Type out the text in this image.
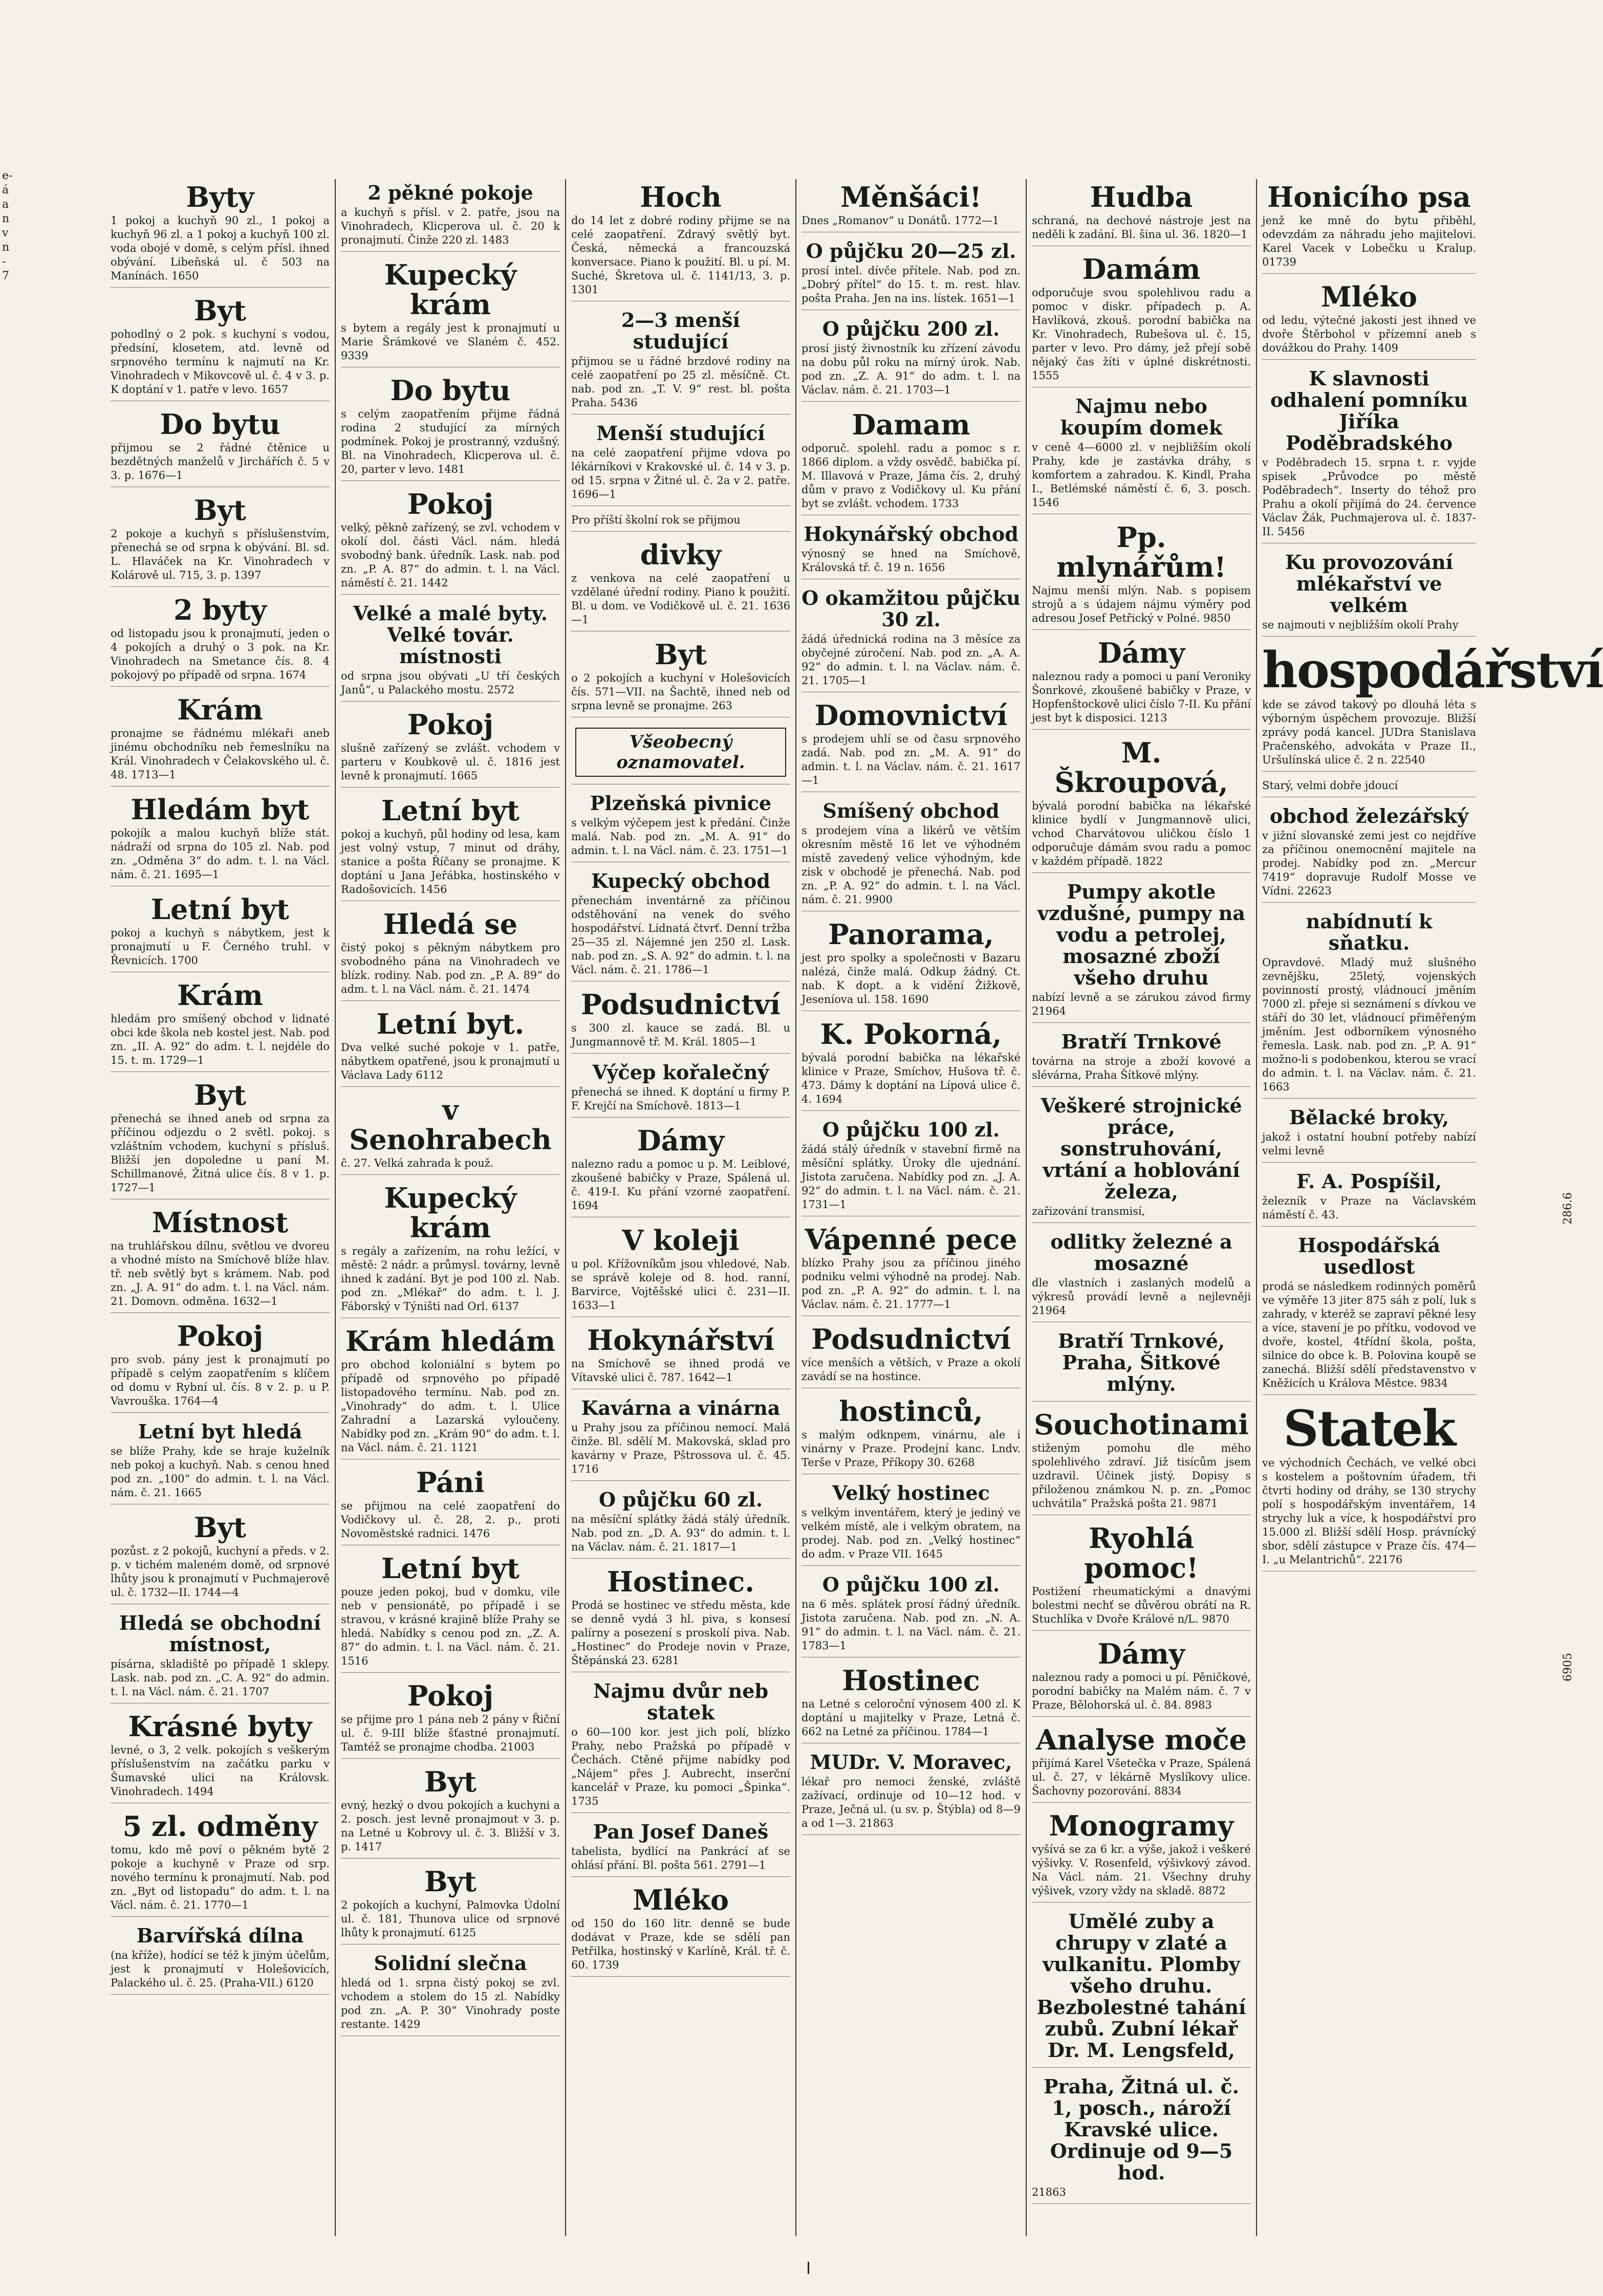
e-
á
a
n
v
n
-
7
Byty
1 pokoj a kuchyň 90 zl., 1 pokoj a kuchyň 96 zl. a 1 pokoj a kuchyň 100 zl. voda obojé v domě, s celým přísl. ihned obývání. Libeňská ul. č 503 na Manínách. 1650
Byt
pohodlný o 2 pok. s kuchyní s vodou, předsíní, klosetem, atd. levně od srpnového termínu k najmutí na Kr. Vinohradech v Mikovcově ul. č. 4 v 3. p. K doptání v 1. patře v levo. 1657
Do bytu
přijmou se 2 řádné čtěnice u bezdětných manželů v Jirchářích č. 5 v 3. p. 1676—1
Byt
2 pokoje a kuchyň s příslušenstvím, přenechá se od srpna k obývání. Bl. sd. L. Hlaváček na Kr. Vinohradech v Kolárově ul. 715, 3. p. 1397
2 byty
od listopadu jsou k pronajmutí, jeden o 4 pokojích a druhý o 3 pok. na Kr. Vinohradech na Smetance čís. 8. 4 pokojový po případě od srpna. 1674
Krám
pronajme se řádnému mlékaři aneb jinému obchodníku neb řemeslníku na Král. Vinohradech v Čelakovského ul. č. 48. 1713—1
Hledám byt
pokojík a malou kuchyň blíže stát. nádraží od srpna do 105 zl. Nab. pod zn. „Odměna 3“ do adm. t. l. na Václ. nám. č. 21. 1695—1
Letní byt
pokoj a kuchyň s nábytkem, jest k pronajmutí u F. Černého truhl. v Řevnicích. 1700
Krám
hledám pro smíšený obchod v lidnaté obci kde škola neb kostel jest. Nab. pod zn. „II. A. 92“ do adm. t. l. nejdéle do 15. t. m. 1729—1
Byt
přenechá se ihned aneb od srpna za příčinou odjezdu o 2 světl. pokoj. s vzláštním vchodem, kuchyní s přísluš. Bližší jen dopoledne u paní M. Schillmanové, Žitná ulice čís. 8 v 1. p. 1727—1
Místnost
na truhlářskou dílnu, světlou ve dvoreu a vhodné místo na Smíchově blíže hlav. tř. neb světlý byt s krámem. Nab. pod zn. „J. A. 91“ do adm. t. l. na Václ. nám. 21. Domovn. odměna. 1632—1
Pokoj
pro svob. pány jest k pronajmutí po případě s celým zaopatřením s klíčem od domu v Rybní ul. čís. 8 v 2. p. u P. Vavrouška. 1764—4
Letní byt hledá
se blíže Prahy, kde se hraje kuželník neb pokoj a kuchyň. Nab. s cenou hned pod zn. „100“ do admin. t. l. na Václ. nám. č. 21. 1665
Byt
pozůst. z 2 pokojů, kuchyní a předs. v 2. p. v tichém maleném domě, od srpnové lhůty jsou k pronajmutí v Puchmajerově ul. č. 1732—II. 1744—4
Hledá se obchodní místnost,
písárna, skladiště po případě 1 sklepy. Lask. nab. pod zn. „C. A. 92“ do admin. t. l. na Václ. nám. č. 21. 1707
Krásné byty
levné, o 3, 2 velk. pokojích s veškerým příslušenstvím na začátku parku v Šumavské ulici na Královsk. Vinohradech. 1494
5 zl. odměny
tomu, kdo mě poví o pěkném bytě 2 pokoje a kuchyně v Praze od srp. nového termínu k pronajmutí. Nab. pod zn. „Byt od listopadu“ do adm. t. l. na Václ. nám. č. 21. 1770—1
Barvířská dílna
(na kříže), hodící se též k jiným účelům, jest k pronajmutí v Holešovicích, Palackého ul. č. 25. (Praha-VII.) 6120
2 pěkné pokoje
a kuchyň s přísl. v 2. patře, jsou na Vinohradech, Klicperova ul. č. 20 k pronajmutí. Činže 220 zl. 1483
Kupecký krám
s bytem a regály jest k pronajmutí u Marie Šrámkové ve Slaném č. 452. 9339
Do bytu
s celým zaopatřením přijme řádná rodina 2 studující za mírných podmínek. Pokoj je prostranný, vzdušný. Bl. na Vinohradech, Klicperova ul. č. 20, parter v levo. 1481
Pokoj
velký, pěkně zařízený, se zvl. vchodem v okolí dol. části Václ. nám. hledá svobodný bank. úředník. Lask. nab. pod zn. „P. A. 87“ do admin. t. l. na Václ. náměstí č. 21. 1442
Velké a malé byty. Velké továr. místnosti
od srpna jsou obývati „U tří českých Janů“, u Palackého mostu. 2572
Pokoj
slušně zařízený se zvlášt. vchodem v parteru v Koubkově ul. č. 1816 jest levně k pronajmutí. 1665
Letní byt
pokoj a kuchyň, půl hodiny od lesa, kam jest volný vstup, 7 minut od dráhy, stanice a pošta Říčany se pronajme. K doptání u Jana Jeřábka, hostinského v Radošovicích. 1456
Hledá se
čistý pokoj s pěkným nábytkem pro svobodného pána na Vinohradech ve blízk. rodiny. Nab. pod zn. „P. A. 89“ do adm. t. l. na Václ. nám. č. 21. 1474
Letní byt.
Dva velké suché pokoje v 1. patře, nábytkem opatřené, jsou k pronajmutí u Václava Lady 6112
v Senohrabech
č. 27. Velká zahrada k použ.
Kupecký krám
s regály a zařízením, na rohu ležící, v městě: 2 nádr. a průmysl. továrny, levně ihned k zadání. Byt je pod 100 zl. Nab. pod zn. „Mlékař“ do adm. t. l. J. Fáborský v Týništi nad Orl. 6137
Krám hledám
pro obchod koloniální s bytem po případě od srpnového po případě listopadového termínu. Nab. pod zn. „Vinohrady“ do adm. t. l. Ulice Zahradní a Lazarská vyloučeny. Nabídky pod zn. „Krám 90“ do adm. t. l. na Václ. nám. č. 21. 1121
Páni
se přijmou na celé zaopatření do Vodičkovy ul. č. 28, 2. p., proti Novoměstské radnici. 1476
Letní byt
pouze jeden pokoj, bud v domku, vile neb v pensionátě, po případě i se stravou, v krásné krajině blíže Prahy se hledá. Nabídky s cenou pod zn. „Z. A. 87“ do admin. t. l. na Václ. nám. č. 21. 1516
Pokoj
se přijme pro 1 pána neb 2 pány v Řiční ul. č. 9-III blíže šťastné pronajmutí. Tamtéž se pronajme chodba. 21003
Byt
evný, hezký o dvou pokojích a kuchyni a 2. posch. jest levně pronajmout v 3. p. na Letné u Kobrovy ul. č. 3. Bližší v 3. p. 1417
Byt
2 pokojích a kuchyní, Palmovka Údolní ul. č. 181, Thunova ulice od srpnové lhůty k pronajmutí. 6125
Solidní slečna
hledá od 1. srpna čistý pokoj se zvl. vchodem a stolem do 15 zl. Nabídky pod zn. „A. P. 30“ Vinohrady poste restante. 1429
Hoch
do 14 let z dobré rodiny přijme se na celé zaopatření. Zdravý světlý byt. Česká, německá a francouzská konversace. Piano k použití. Bl. u pí. M. Suché, Škretova ul. č. 1141/13, 3. p. 1301
2—3 menší studující
přijmou se u řádné brzdové rodiny na celé zaopatření po 25 zl. měsíčně. Ct. nab. pod zn. „T. V. 9“ rest. bl. pošta Praha. 5436
Menší studující
na celé zaopatření přijme vdova po lékárníkovi v Krakovské ul. č. 14 v 3. p. od 15. srpna v Žitné ul. č. 2a v 2. patře. 1696—1
Pro příští školní rok se přijmou
divky
z venkova na celé zaopatření u vzdělané úřední rodiny. Piano k použití. Bl. u dom. ve Vodičkově ul. č. 21. 1636—1
Byt
o 2 pokojích a kuchyní v Holešovicích čís. 571—VII. na Šachtě, ihned neb od srpna levně se pronajme. 263
Všeobecný
oznamovatel.
Plzeňská pivnice
s velkým výčepem jest k předání. Činže malá. Nab. pod zn. „M. A. 91“ do admin. t. l. na Václ. nám. č. 23. 1751—1
Kupecký obchod
přenechám inventárně za příčinou odstěhování na venek do svého hospodářství. Lidnatá čtvrť. Denní tržba 25—35 zl. Nájemné jen 250 zl. Lask. nab. pod zn. „S. A. 92“ do admin. t. l. na Václ. nám. č. 21. 1786—1
Podsudnictví
s 300 zl. kauce se zadá. Bl. u Jungmannově tř. M. Král. 1805—1
Výčep kořalečný
přenechá se ihned. K doptání u firmy P. F. Krejčí na Smíchově. 1813—1
Dámy
nalezno radu a pomoc u p. M. Leiblové, zkoušené babičky v Praze, Spálená ul. č. 419-I. Ku přání vzorné zaopatření. 1694
V koleji
u pol. Křížovníkům jsou vhledové, Nab. se správě koleje od 8. hod. ranní, Barvirce, Vojtěšské ulici č. 231—II. 1633—1
Hokynářství
na Smíchově se ihned prodá ve Vítavské ulici č. 787. 1642—1
Kavárna a vinárna
u Prahy jsou za příčinou nemocí. Malá činže. Bl. sdělí M. Makovská, sklad pro kavárny v Praze, Pštrossova ul. č. 45. 1716
O půjčku 60 zl.
na měsíční splátky žádá stálý úředník. Nab. pod zn. „D. A. 93“ do admin. t. l. na Václav. nám. č. 21. 1817—1
Hostinec.
Prodá se hostinec ve středu města, kde se denně vydá 3 hl. piva, s konsesí palírny a posezení s proskolí piva. Nab. „Hostinec“ do Prodeje novin v Praze, Štěpánská 23. 6281
Najmu dvůr neb statek
o 60—100 kor. jest jich polí, blízko Prahy, nebo Pražská po případě v Čechách. Ctěné přijme nabídky pod „Nájem“ přes J. Aubrecht, inserční kancelář v Praze, ku pomoci „Špinka“. 1735
Pan Josef Daneš
tabelista, bydlící na Pankrácí ať se ohlásí přání. Bl. pošta 561. 2791—1
Mléko
od 150 do 160 litr. denně se bude dodávat v Praze, kde se sdělí pan Petřilka, hostinský v Karlíně, Král. tř. č. 60. 1739
Měnšáci!
Dnes „Romanov“ u Donátů. 1772—1
O půjčku 20—25 zl.
prosí intel. dívče přítele. Nab. pod zn. „Dobrý přítel“ do 15. t. m. rest. hlav. pošta Praha. Jen na ins. lístek. 1651—1
O půjčku 200 zl.
prosí jistý živnostník ku zřízení závodu na dobu půl roku na mírný úrok. Nab. pod zn. „Z. A. 91“ do adm. t. l. na Václav. nám. č. 21. 1703—1
Damam
odporuč. spolehl. radu a pomoc s r. 1866 diplom. a vždy osvědč. babička pí. M. Illavová v Praze, Jáma čís. 2, druhý dům v pravo z Vodičkovy ul. Ku přání byt se zvlášt. vchodem. 1733
Hokynářský obchod
výnosný se hned na Smíchově, Královská tř. č. 19 n. 1656
O okamžitou půjčku 30 zl.
žádá úřednická rodina na 3 měsíce za obyčejné zúročení. Nab. pod zn. „A. A. 92“ do admin. t. l. na Václav. nám. č. 21. 1705—1
Domovnictví
s prodejem uhlí se od času srpnového zadá. Nab. pod zn. „M. A. 91“ do admin. t. l. na Václav. nám. č. 21. 1617—1
Smíšený obchod
s prodejem vína a likérů ve větším okresním městě 16 let ve výhodném místě zavedený velice výhodným, kde zisk v obchodě je přenechá. Nab. pod zn. „P. A. 92“ do admin. t. l. na Václ. nám. č. 21. 9900
Panorama,
jest pro spolky a společnosti v Bazaru nalézá, činže malá. Odkup žádný. Ct. nab. K dopt. a k vidění Žižkově, Jeseníova ul. 158. 1690
K. Pokorná,
bývalá porodní babička na lékařské klinice v Praze, Smíchov, Hušova tř. č. 473. Dámy k doptání na Lípová ulice č. 4. 1694
O půjčku 100 zl.
žádá stálý úředník v stavební firmě na měsíční splátky. Úroky dle ujednání. Jistota zaručena. Nabídky pod zn. „J. A. 92“ do admin. t. l. na Václ. nám. č. 21. 1731—1
Vápenné pece
blízko Prahy jsou za příčinou jiného podniku velmi výhodně na prodej. Nab. pod zn. „P. A. 92“ do admin. t. l. na Václav. nám. č. 21. 1777—1
Podsudnictví
více menších a větších, v Praze a okolí zavádí se na hostince.
hostinců,
s malým odknpem, vinárnu, ale i vinárny v Praze. Prodejní kanc. Lndv. Terše v Praze, Příkopy 30. 6268
Velký hostinec
s velkým inventářem, který je jediný ve velkém místě, ale i velkým obratem, na prodej. Nab. pod zn. „Velký hostinec“ do adm. v Praze VII. 1645
O půjčku 100 zl.
na 6 měs. splátek prosí řádný úředník. Jistota zaručena. Nab. pod zn. „N. A. 91“ do admin. t. l. na Václ. nám. č. 21. 1783—1
Hostinec
na Letné s celoroční výnosem 400 zl. K doptání u majitelky v Praze, Letná č. 662 na Letné za příčinou. 1784—1
MUDr. V. Moravec,
lékař pro nemoci ženské, zvláště zažívací, ordinuje od 10—12 hod. v Praze, Ječná ul. (u sv. p. Štýbla) od 8—9 a od 1—3. 21863
Hudba
schraná, na dechové nástroje jest na neděli k zadání. Bl. šina ul. 36. 1820—1
Damám
odporučuje svou spolehlivou radu a pomoc v diskr. případech p. A. Havlíková, zkouš. porodní babička na Kr. Vinohradech, Rubešova ul. č. 15, parter v levo. Pro dámy, jež přejí sobě nějaký čas žíti v úplné diskrétnosti. 1555
Najmu nebo koupím domek
v ceně 4—6000 zl. v nejbližším okolí Prahy, kde je zastávka dráhy, s komfortem a zahradou. K. Kindl, Praha I., Betlémské náměstí č. 6, 3. posch. 1546
Pp. mlynářům!
Najmu menší mlýn. Nab. s popisem strojů a s údajem nájmu výměry pod adresou Josef Petřický v Polné. 9850
Dámy
naleznou rady a pomoci u paní Veroniky Šonrkové, zkoušené babičky v Praze, v Hopfenštockově ulici číslo 7-II. Ku přání jest byt k disposici. 1213
M. Škroupová,
bývalá porodní babička na lékařské klinice bydlí v Jungmannově ulici, vchod Charvátovou uličkou číslo 1 odporučuje dámám svou radu a pomoc v každém případě. 1822
Pumpy akotle vzdušné, pumpy na vodu a petrolej, mosazné zboží všeho druhu
nabízí levně a se zárukou závod firmy 21964
Bratří Trnkové
továrna na stroje a zboží kovové a slévárna, Praha Šítkové mlýny.
Veškeré strojnické práce, sonstruhování, vrtání a hoblování železa,
zařizování transmisí,
odlitky železné a mosazné
dle vlastních i zaslaných modelů a výkresů provádí levně a nejlevněji 21964
Bratří Trnkové, Praha, Šitkové mlýny.
Souchotinami
stiženým pomohu dle mého spolehlivého zdraví. Již tisícům jsem uzdravil. Účinek jistý. Dopisy s přiloženou známkou N. p. zn. „Pomoc uchvátila“ Pražská pošta 21. 9871
Ryohlá pomoc!
Postižení rheumatickými a dnavými bolestmi nechť se důvěrou obrátí na R. Stuchlíka v Dvoře Králové n/L. 9870
Dámy
naleznou rady a pomoci u pí. Pěničkové, porodní babičky na Malém nám. č. 7 v Praze, Bělohorská ul. č. 84. 8983
Analyse moče
přijímá Karel Všetečka v Praze, Spálená ul. č. 27, v lékárně Myslíkovy ulice. Šachovny pozorování. 8834
Monogramy
vyšívá se za 6 kr. a výše, jakož i veškeré výšivky. V. Rosenfeld, výšivkový závod. Na Václ. nám. 21. Všechny druhy výšivek, vzory vždy na skladě. 8872
Umělé zuby a chrupy v zlaté a vulkanitu. Plomby všeho druhu. Bezbolestné tahání zubů. Zubní lékař Dr. M. Lengsfeld,
Praha, Žitná ul. č. 1, posch., nároží Kravské ulice. Ordinuje od 9—5 hod.
21863
Honicího psa
jenž ke mně do bytu přiběhl, odevzdám za náhradu jeho majitelovi. Karel Vacek v Lobečku u Kralup. 01739
Mléko
od ledu, výtečné jakosti jest ihned ve dvoře Štěrbohol v přízemní aneb s dovážkou do Prahy. 1409
K slavnosti odhalení pomníku Jiříka Poděbradského
v Poděbradech 15. srpna t. r. vyjde spisek „Průvodce po městě Poděbradech“. Inserty do téhož pro Prahu a okolí přijímá do 24. července Václav Žák, Puchmajerova ul. č. 1837-II. 5456
Ku provozování mlékařství ve velkém
se najmouti v nejbližším okolí Prahy
hospodářství
kde se závod takový po dlouhá léta s výborným úspěchem provozuje. Bližší zprávy podá kancel. JUDra Stanislava Pračenského, advokáta v Praze II., Uršulínská ulice č. 2 n. 22540
Starý, velmi dobře jdoucí
obchod železářský
v jižní slovanské zemi jest co nejdříve za příčinou onemocnění majitele na prodej. Nabídky pod zn. „Mercur 7419“ dopravuje Rudolf Mosse ve Vídni. 22623
nabídnutí k sňatku.
Opravdové. Mladý muž slušného zevnějšku, 25letý, vojenských povinností prostý, vládnoucí jměním 7000 zl. přeje si seznámení s dívkou ve stáří do 30 let, vládnoucí přiměřeným jměním. Jest odborníkem výnosného řemesla. Lask. nab. pod zn. „P. A. 91“ možno-li s podobenkou, kterou se vrací do admin. t. l. na Václav. nám. č. 21. 1663
Bělacké broky,
jakož i ostatní houbní potřeby nabízí velmi levně
F. A. Pospíšil,
železník v Praze na Václavském náměstí č. 43.
Hospodářská usedlost
prodá se následkem rodinných poměrů ve výměře 13 jiter 875 sáh z polí, luk s zahrady, v kteréž se zapraví pěkné lesy a více, stavení je po přítku, vodovod ve dvoře, kostel, 4třídní škola, pošta, silnice do obce k. B. Polovina koupě se zanechá. Bližší sdělí představenstvo v Kněžicích u Králova Městce. 9834
Statek
ve východních Čechách, ve velké obci s kostelem a poštovním úřadem, tři čtvrti hodiny od dráhy, se 130 strychy polí s hospodářským inventářem, 14 strychy luk a více, k hospodářství pro 15.000 zl. Bližší sdělí Hosp. právnícký sbor, sdělí zástupce v Praze čís. 474—I. „u Melantrichů“. 22176
286.6
6905
